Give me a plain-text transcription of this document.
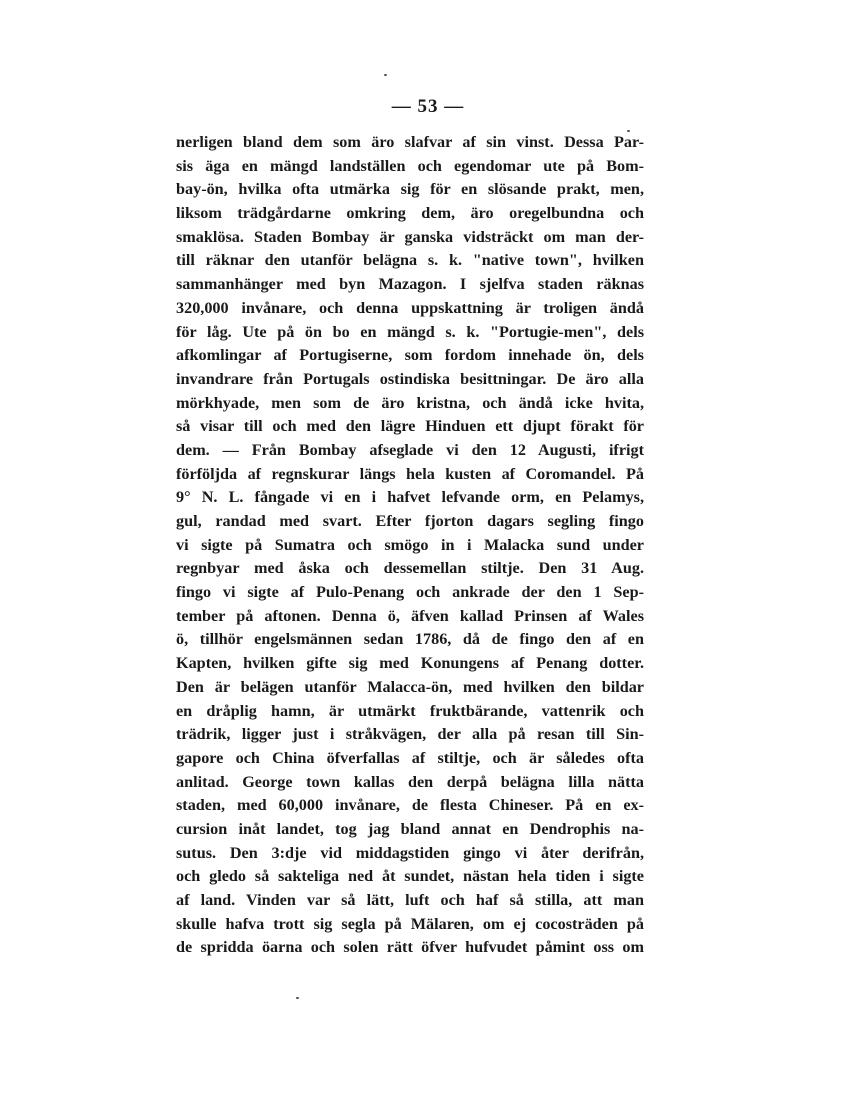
— 53 —
nerligen bland dem som äro slafvar af sin vinst. Dessa Par-
sis äga en mängd landställen och egendomar ute på Bom-
bay-ön, hvilka ofta utmärka sig för en slösande prakt, men,
liksom trädgårdarne omkring dem, äro oregelbundna och
smaklösa. Staden Bombay är ganska vidsträckt om man der-
till räknar den utanför belägna s. k. "native town", hvilken
sammanhänger med byn Mazagon. I sjelfva staden räknas
320,000 invånare, och denna uppskattning är troligen ändå
för låg. Ute på ön bo en mängd s. k. "Portugie-men", dels
afkomlingar af Portugiserne, som fordom innehade ön, dels
invandrare från Portugals ostindiska besittningar. De äro alla
mörkhyade, men som de äro kristna, och ändå icke hvita,
så visar till och med den lägre Hinduen ett djupt förakt för
dem. — Från Bombay afseglade vi den 12 Augusti, ifrigt
förföljda af regnskurar längs hela kusten af Coromandel. På
9° N. L. fångade vi en i hafvet lefvande orm, en Pelamys,
gul, randad med svart. Efter fjorton dagars segling fingo
vi sigte på Sumatra och smögo in i Malacka sund under
regnbyar med åska och dessemellan stiltje. Den 31 Aug.
fingo vi sigte af Pulo-Penang och ankrade der den 1 Sep-
tember på aftonen. Denna ö, äfven kallad Prinsen af Wales
ö, tillhör engelsmännen sedan 1786, då de fingo den af en
Kapten, hvilken gifte sig med Konungens af Penang dotter.
Den är belägen utanför Malacca-ön, med hvilken den bildar
en dråplig hamn, är utmärkt fruktbärande, vattenrik och
trädrik, ligger just i stråkvägen, der alla på resan till Sin-
gapore och China öfverfallas af stiltje, och är således ofta
anlitad. George town kallas den derpå belägna lilla nätta
staden, med 60,000 invånare, de flesta Chineser. På en ex-
cursion inåt landet, tog jag bland annat en Dendrophis na-
sutus. Den 3:dje vid middagstiden gingo vi åter derifrån,
och gledo så sakteliga ned åt sundet, nästan hela tiden i sigte
af land. Vinden var så lätt, luft och haf så stilla, att man
skulle hafva trott sig segla på Mälaren, om ej cocosträden på
de spridda öarna och solen rätt öfver hufvudet påmint oss om
